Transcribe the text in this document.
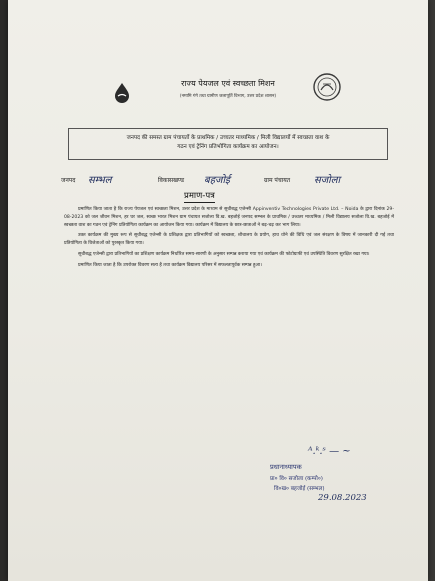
राज्य पेयजल एवं स्वच्छता मिशन
(नमामि गंगे तथा ग्रामीण जलापूर्ति विभाग, उत्तर प्रदेश शासन)
जनपद की समस्त ग्राम पंचायतों के प्राथमिक / उच्चतर माध्यमिक / मिली विद्यालयों में स्वच्छता वाश के
गठन एवं ट्रेनिंग प्रतिभोगिता कार्यक्रम का आयोजन।
जनपद सम्भल	विकासखण्ड बहजोई	ग्राम पंचायत सजोला
प्रमाण-पत्र

प्रमाणित किया जाता है कि राज्य पेयजल एवं स्वच्छता मिशन, उत्तर प्रदेश के माध्यम से सूचीबद्ध एजेन्सी Appinventiv Technologies Private Ltd. – Noida के द्वारा दिनांक 29-08-2023 को जल जीवन मिशन, हर घर जल, स्वच्छ भारत मिशन ग्राम पंचायत सजोला वि.ख. बहजोई जनपद सम्भल के प्राथमिक / उच्चतर माध्यमिक / मिली विद्यालय सजोला वि.ख. बहजोई में स्वच्छता वाश का गठन एवं ट्रेनिंग प्रतियोगिता कार्यक्रम का आयोजन किया गया। कार्यक्रम में विद्यालय के छात्र-छात्राओं ने बढ़-चढ़ कर भाग लिया।

उक्त कार्यक्रम की मुख्य रूप से सूचीबद्ध एजेन्सी के प्रशिक्षक द्वारा प्रतिभागियों को स्वच्छता, शौचालय के प्रयोग, हाथ धोने की विधि एवं जल संरक्षण के विषय में जानकारी दी गई तथा प्रतियोगिता के विजेताओं को पुरस्कृत किया गया।

सूचीबद्ध एजेन्सी द्वारा प्रतिभागियों का प्रशिक्षण कार्यक्रम निर्धारित समय-सारणी के अनुसार सम्पन्न कराया गया एवं कार्यक्रम की फोटोग्राफी एवं उपस्थिति विवरण सुरक्षित रखा गया।

प्रमाणित किया जाता है कि उपरोक्त विवरण सत्य है तथा कार्यक्रम विद्यालय परिसर में सफलतापूर्वक सम्पन्न हुआ।

ᴬ.ᵏ.ˢ — ~
प्रधानाध्यापक
प्रा० वि० सजोला (कम्पो०)
वि०ख० बहजोई (सम्भल)
29.08.2023
